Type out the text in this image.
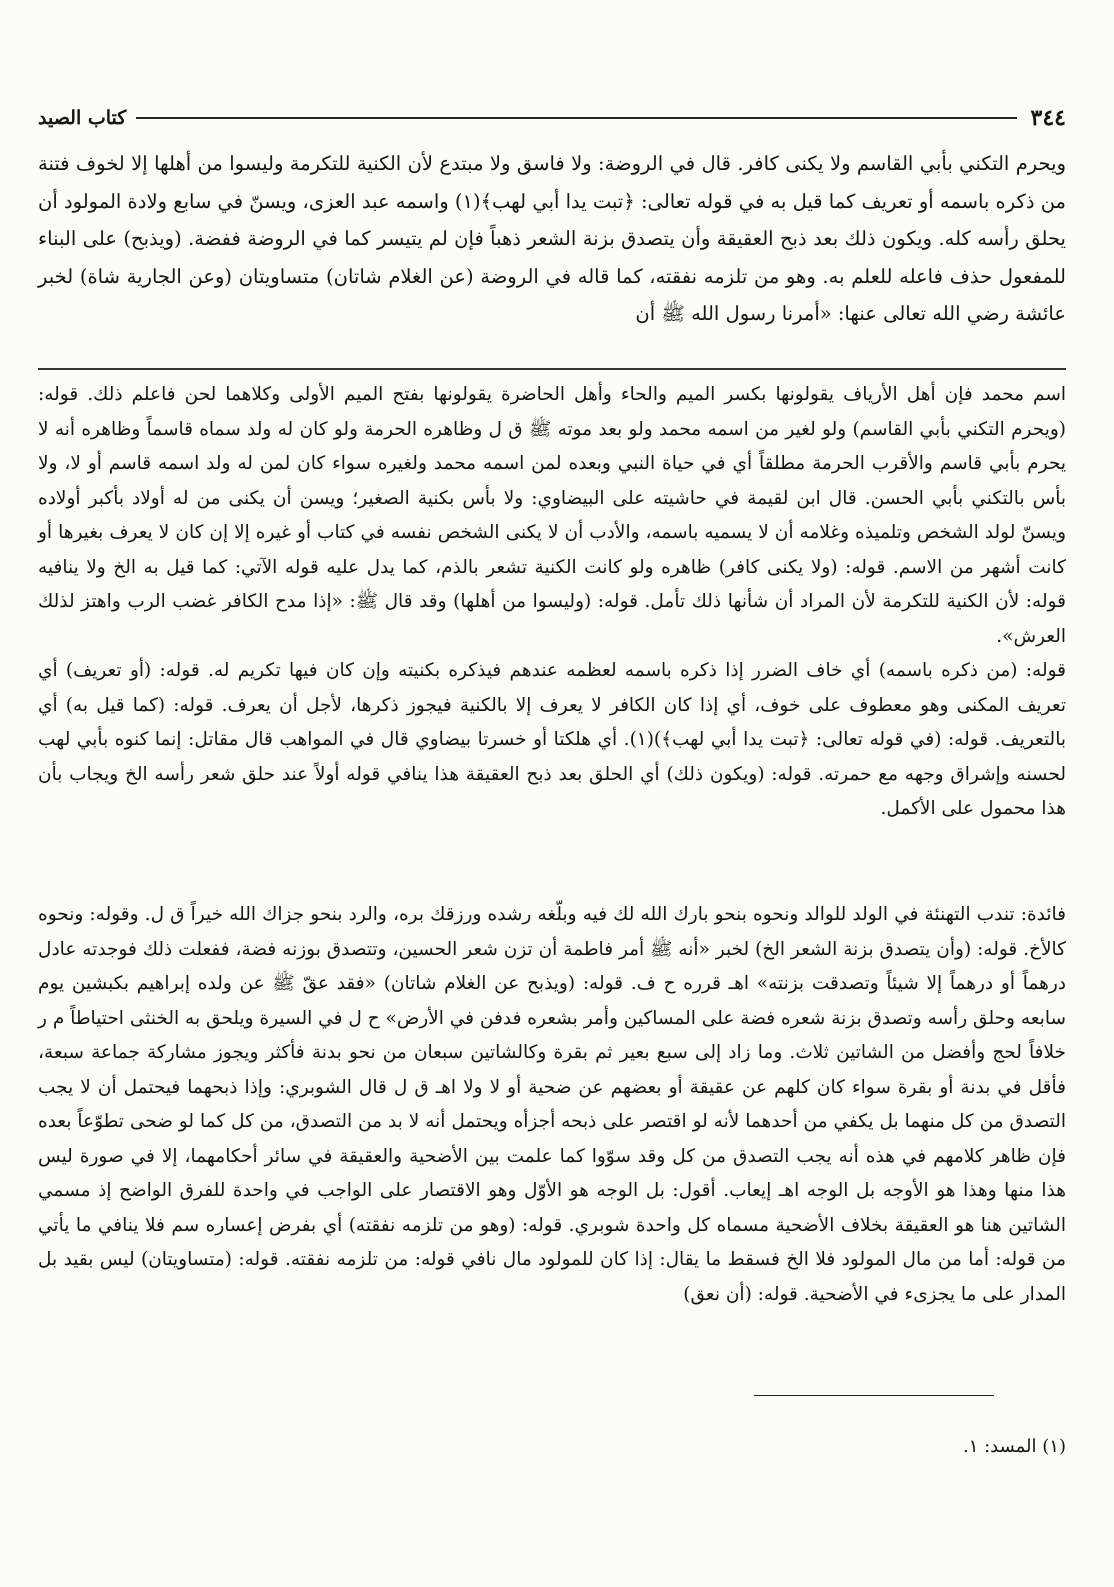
٣٤٤
كتاب الصيد

ويحرم التكني بأبي القاسم ولا يكنى كافر. قال في الروضة: ولا فاسق ولا مبتدع لأن الكنية للتكرمة وليسوا من أهلها إلا لخوف فتنة من ذكره باسمه أو تعريف كما قيل به في قوله تعالى: ﴿تبت يدا أبي لهب﴾(١) واسمه عبد العزى، ويسنّ في سابع ولادة المولود أن يحلق رأسه كله. ويكون ذلك بعد ذبح العقيقة وأن يتصدق بزنة الشعر ذهباً فإن لم يتيسر كما في الروضة ففضة. (ويذبح) على البناء للمفعول حذف فاعله للعلم به. وهو من تلزمه نفقته، كما قاله في الروضة (عن الغلام شاتان) متساويتان (وعن الجارية شاة) لخبر عائشة رضي الله تعالى عنها: «أمرنا رسول الله ﷺ أن

اسم محمد فإن أهل الأرياف يقولونها بكسر الميم والحاء وأهل الحاضرة يقولونها بفتح الميم الأولى وكلاهما لحن فاعلم ذلك. قوله: (ويحرم التكني بأبي القاسم) ولو لغير من اسمه محمد ولو بعد موته ﷺ ق ل وظاهره الحرمة ولو كان له ولد سماه قاسماً وظاهره أنه لا يحرم بأبي قاسم والأقرب الحرمة مطلقاً أي في حياة النبي وبعده لمن اسمه محمد ولغيره سواء كان لمن له ولد اسمه قاسم أو لا، ولا بأس بالتكني بأبي الحسن. قال ابن لقيمة في حاشيته على البيضاوي: ولا بأس بكنية الصغير؛ ويسن أن يكنى من له أولاد بأكبر أولاده ويسنّ لولد الشخص وتلميذه وغلامه أن لا يسميه باسمه، والأدب أن لا يكنى الشخص نفسه في كتاب أو غيره إلا إن كان لا يعرف بغيرها أو كانت أشهر من الاسم. قوله: (ولا يكنى كافر) ظاهره ولو كانت الكنية تشعر بالذم، كما يدل عليه قوله الآتي: كما قيل به الخ ولا ينافيه قوله: لأن الكنية للتكرمة لأن المراد أن شأنها ذلك تأمل. قوله: (وليسوا من أهلها) وقد قال ﷺ: «إذا مدح الكافر غضب الرب واهتز لذلك العرش».

قوله: (من ذكره باسمه) أي خاف الضرر إذا ذكره باسمه لعظمه عندهم فيذكره بكنيته وإن كان فيها تكريم له. قوله: (أو تعريف) أي تعريف المكنى وهو معطوف على خوف، أي إذا كان الكافر لا يعرف إلا بالكنية فيجوز ذكرها، لأجل أن يعرف. قوله: (كما قيل به) أي بالتعريف. قوله: (في قوله تعالى: ﴿تبت يدا أبي لهب﴾)(١). أي هلكتا أو خسرتا بيضاوي قال في المواهب قال مقاتل: إنما كنوه بأبي لهب لحسنه وإشراق وجهه مع حمرته. قوله: (ويكون ذلك) أي الحلق بعد ذبح العقيقة هذا ينافي قوله أولاً عند حلق شعر رأسه الخ ويجاب بأن هذا محمول على الأكمل.

فائدة: تندب التهنئة في الولد للوالد ونحوه بنحو بارك الله لك فيه وبلّغه رشده ورزقك بره، والرد بنحو جزاك الله خيراً ق ل. وقوله: ونحوه كالأخ. قوله: (وأن يتصدق بزنة الشعر الخ) لخبر «أنه ﷺ أمر فاطمة أن تزن شعر الحسين، وتتصدق بوزنه فضة، ففعلت ذلك فوجدته عادل درهماً أو درهماً إلا شيئاً وتصدقت بزنته» اهـ قرره ح ف. قوله: (ويذبح عن الغلام شاتان) «فقد عقّ ﷺ عن ولده إبراهيم بكبشين يوم سابعه وحلق رأسه وتصدق بزنة شعره فضة على المساكين وأمر بشعره فدفن في الأرض» ح ل في السيرة ويلحق به الخنثى احتياطاً م ر خلافاً لحج وأفضل من الشاتين ثلاث. وما زاد إلى سبع بعير ثم بقرة وكالشاتين سبعان من نحو بدنة فأكثر ويجوز مشاركة جماعة سبعة، فأقل في بدنة أو بقرة سواء كان كلهم عن عقيقة أو بعضهم عن ضحية أو لا ولا اهـ ق ل قال الشوبري: وإذا ذبحهما فيحتمل أن لا يجب التصدق من كل منهما بل يكفي من أحدهما لأنه لو اقتصر على ذبحه أجزأه ويحتمل أنه لا بد من التصدق، من كل كما لو ضحى تطوّعاً بعده فإن ظاهر كلامهم في هذه أنه يجب التصدق من كل وقد سوّوا كما علمت بين الأضحية والعقيقة في سائر أحكامهما، إلا في صورة ليس هذا منها وهذا هو الأوجه بل الوجه اهـ إيعاب. أقول: بل الوجه هو الأوّل وهو الاقتصار على الواجب في واحدة للفرق الواضح إذ مسمي الشاتين هنا هو العقيقة بخلاف الأضحية مسماه كل واحدة شوبري. قوله: (وهو من تلزمه نفقته) أي بفرض إعساره سم فلا ينافي ما يأتي من قوله: أما من مال المولود فلا الخ فسقط ما يقال: إذا كان للمولود مال نافي قوله: من تلزمه نفقته. قوله: (متساويتان) ليس بقيد بل المدار على ما يجزىء في الأضحية. قوله: (أن نعق)

(١) المسد: ١.
